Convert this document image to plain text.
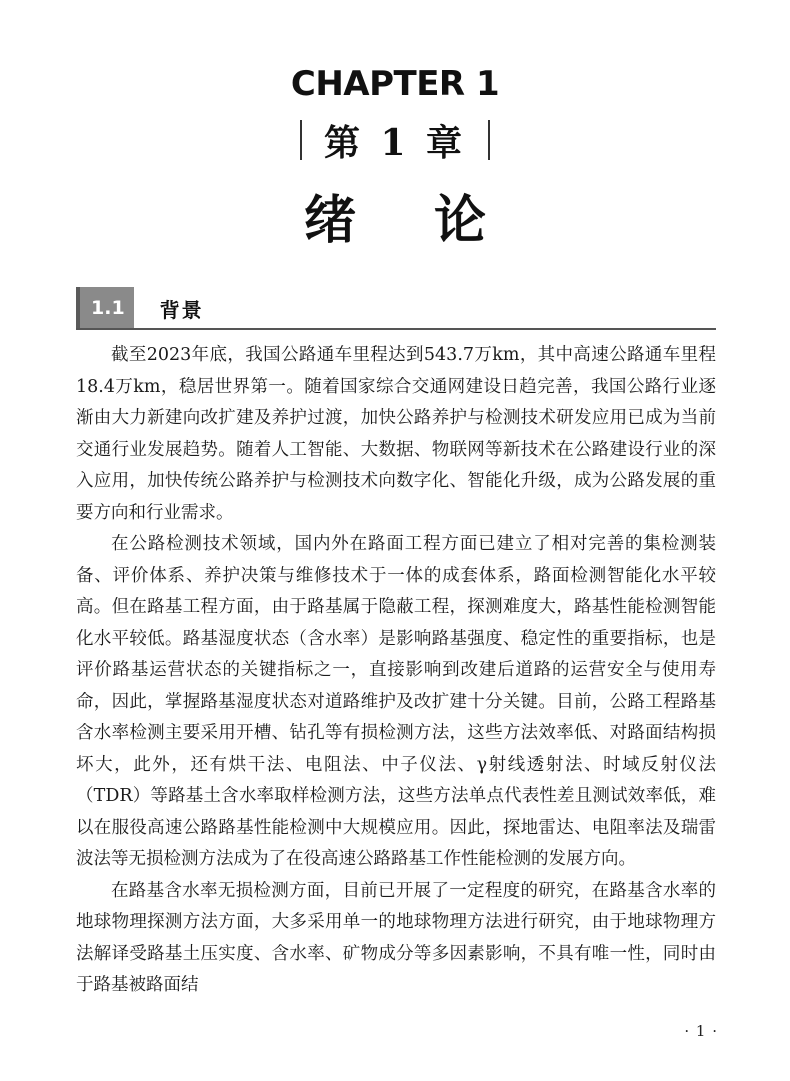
CHAPTER 1
第 1 章
绪论
1.1	背景

截至2023年底，我国公路通车里程达到543.7万km，其中高速公路通车里程18.4万km，稳居世界第一。随着国家综合交通网建设日趋完善，我国公路行业逐渐由大力新建向改扩建及养护过渡，加快公路养护与检测技术研发应用已成为当前交通行业发展趋势。随着人工智能、大数据、物联网等新技术在公路建设行业的深入应用，加快传统公路养护与检测技术向数字化、智能化升级，成为公路发展的重要方向和行业需求。

在公路检测技术领域，国内外在路面工程方面已建立了相对完善的集检测装备、评价体系、养护决策与维修技术于一体的成套体系，路面检测智能化水平较高。但在路基工程方面，由于路基属于隐蔽工程，探测难度大，路基性能检测智能化水平较低。路基湿度状态（含水率）是影响路基强度、稳定性的重要指标，也是评价路基运营状态的关键指标之一，直接影响到改建后道路的运营安全与使用寿命，因此，掌握路基湿度状态对道路维护及改扩建十分关键。目前，公路工程路基含水率检测主要采用开槽、钻孔等有损检测方法，这些方法效率低、对路面结构损坏大，此外，还有烘干法、电阻法、中子仪法、γ射线透射法、时域反射仪法（TDR）等路基土含水率取样检测方法，这些方法单点代表性差且测试效率低，难以在服役高速公路路基性能检测中大规模应用。因此，探地雷达、电阻率法及瑞雷波法等无损检测方法成为了在役高速公路路基工作性能检测的发展方向。

在路基含水率无损检测方面，目前已开展了一定程度的研究，在路基含水率的地球物理探测方法方面，大多采用单一的地球物理方法进行研究，由于地球物理方法解译受路基土压实度、含水率、矿物成分等多因素影响，不具有唯一性，同时由于路基被路面结

· 1 ·
